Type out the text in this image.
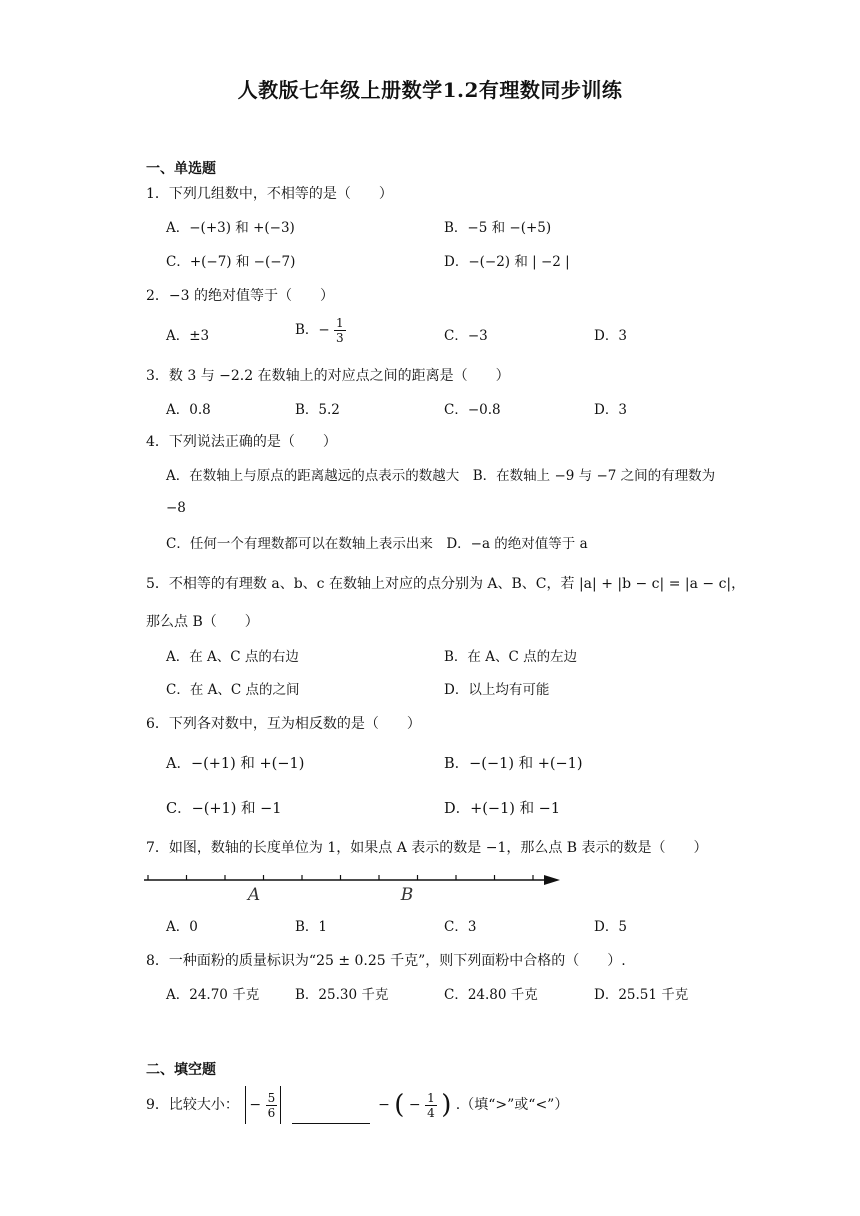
人教版七年级上册数学1.2有理数同步训练
一、单选题
1．下列几组数中，不相等的是（　　）
A．−(+3) 和 +(−3)	B．−5 和 −(+5)
C．+(−7) 和 −(−7)	D．−(−2) 和 | −2 |
2．−3 的绝对值等于（　　）
A．±3	B．− $\frac{1}{3}$	C．−3	D．3
3．数 3 与 −2.2 在数轴上的对应点之间的距离是（　　）
A．0.8	B．5.2	C．−0.8	D．3
4．下列说法正确的是（　　）
A．在数轴上与原点的距离越远的点表示的数越大　B．在数轴上 −9 与 −7 之间的有理数为 −8
C．任何一个有理数都可以在数轴上表示出来　D．−a 的绝对值等于 a
5．不相等的有理数 a、b、c 在数轴上对应的点分别为 A、B、C，若 |a| + |b − c| = |a − c|，
那么点 B（　　）
A．在 A、C 点的右边	B．在 A、C 点的左边
C．在 A、C 点的之间	D．以上均有可能
6．下列各对数中，互为相反数的是（　　）
A．−(+1) 和 +(−1)	B．−(−1) 和 +(−1)
C．−(+1) 和 −1	D．+(−1) 和 −1
7．如图，数轴的长度单位为 1，如果点 A 表示的数是 −1，那么点 B 表示的数是（　　）
A	B
A．0	B．1	C．3	D．5
8．一种面粉的质量标识为“25 ± 0.25 千克”，则下列面粉中合格的（　　）.
A．24.70 千克	B．25.30 千克	C．24.80 千克	D．25.51 千克
二、填空题
9．比较大小： − $\frac{5}{6}$	− ( − $\frac{1}{4}$ ) .（填“>”或“<”）
